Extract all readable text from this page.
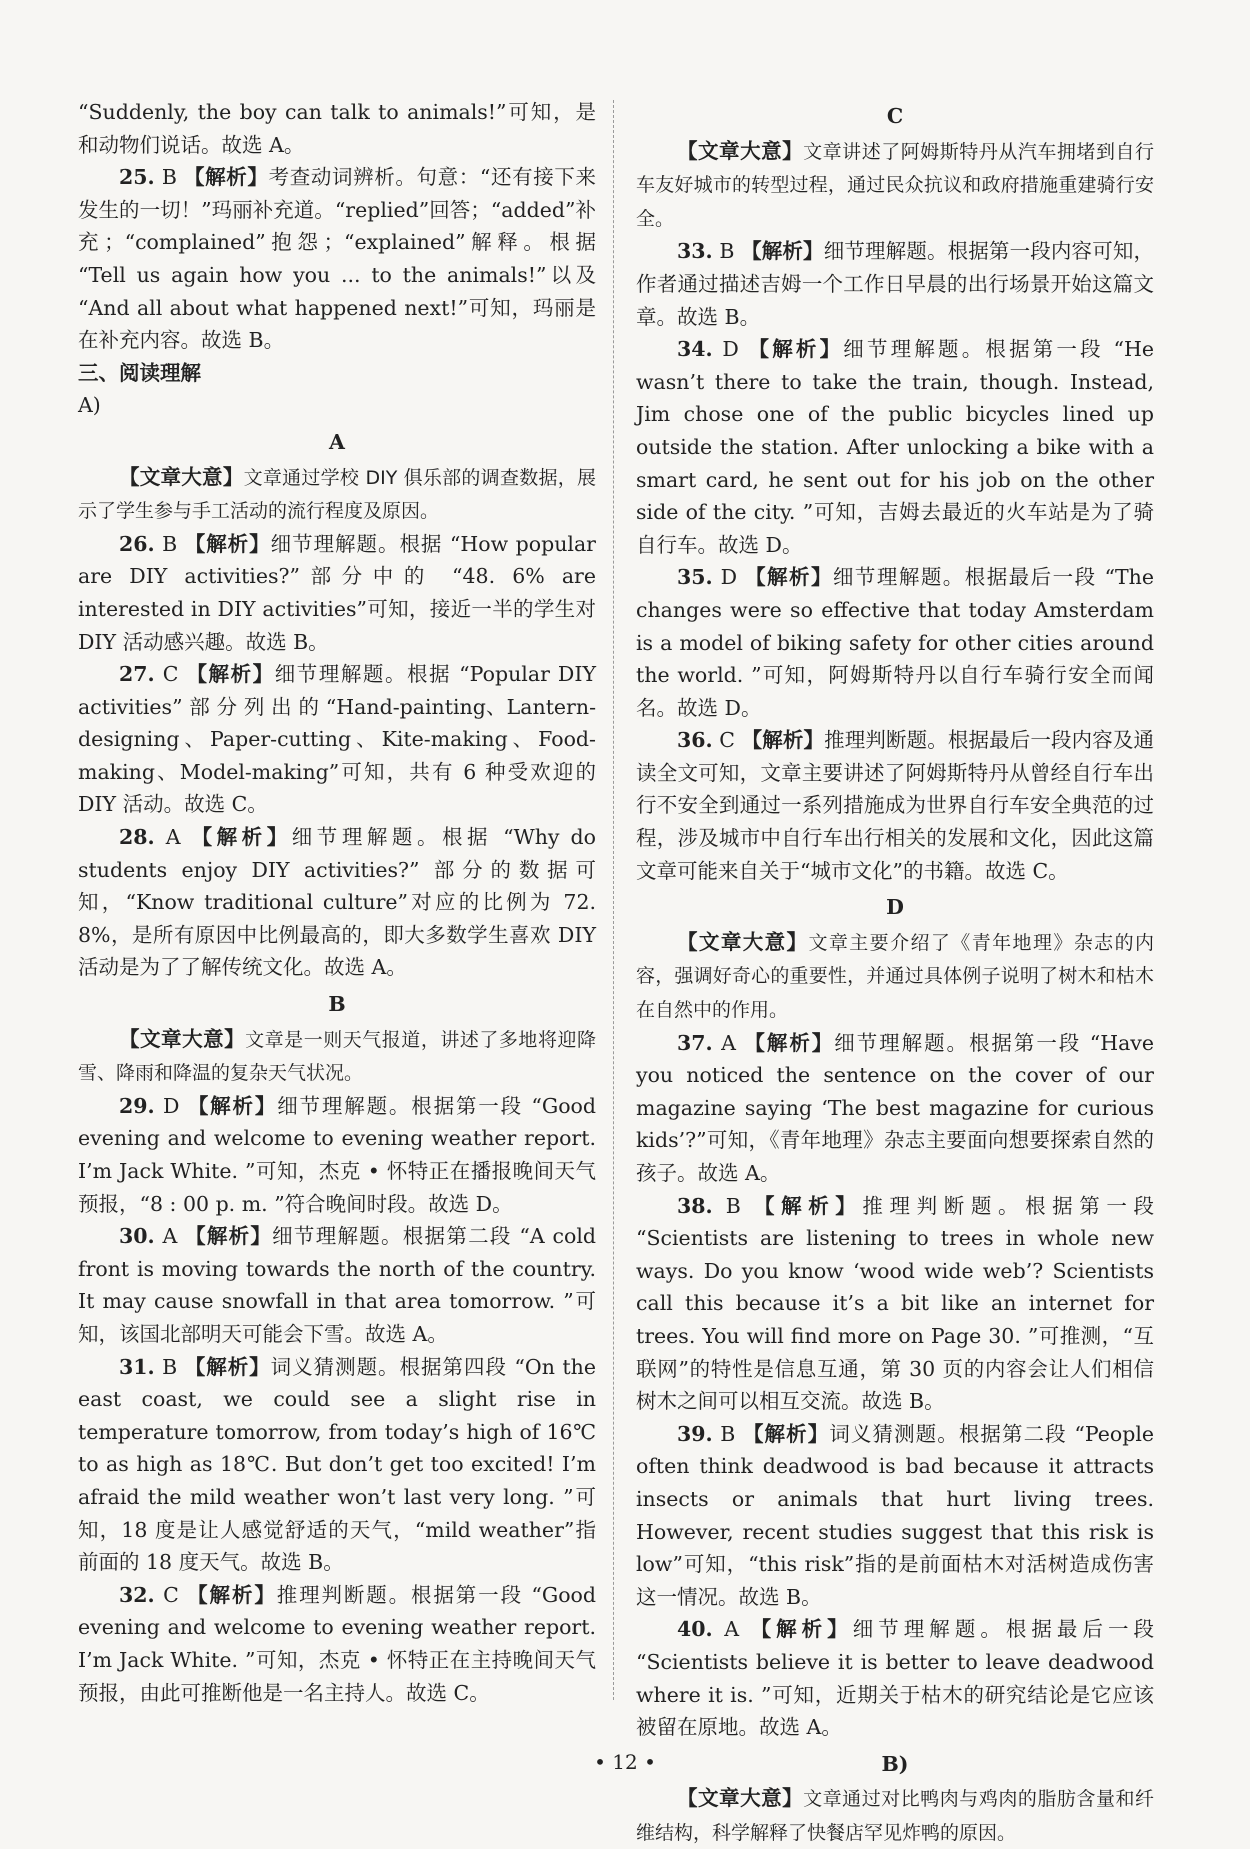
“Suddenly, the boy can talk to animals!”可知，是和动物们说话。故选 A。

25. B 【解析】考查动词辨析。句意：“还有接下来发生的一切！”玛丽补充道。“replied”回答；“added”补充；“complained”抱怨；“explained”解释。根据 “Tell us again how you ... to the animals!”以及 “And all about what happened next!”可知，玛丽是在补充内容。故选 B。

三、阅读理解
A)
A

【文章大意】文章通过学校 DIY 俱乐部的调查数据，展示了学生参与手工活动的流行程度及原因。

26. B 【解析】细节理解题。根据 “How popular are DIY activities?”部分中的 “48. 6% are interested in DIY activities”可知，接近一半的学生对 DIY 活动感兴趣。故选 B。

27. C 【解析】细节理解题。根据 “Popular DIY activities” 部 分 列 出 的 “Hand-painting、Lantern-designing、Paper-cutting、Kite-making、Food-making、Model-making”可知，共有 6 种受欢迎的 DIY 活动。故选 C。

28. A 【解析】细节理解题。根据 “Why do students enjoy DIY activities?” 部分的数据可知，“Know traditional culture”对应的比例为 72. 8%，是所有原因中比例最高的，即大多数学生喜欢 DIY 活动是为了了解传统文化。故选 A。

B

【文章大意】文章是一则天气报道，讲述了多地将迎降雪、降雨和降温的复杂天气状况。

29. D 【解析】细节理解题。根据第一段 “Good evening and welcome to evening weather report. I’m Jack White. ”可知，杰克 • 怀特正在播报晚间天气预报，“8 : 00 p. m. ”符合晚间时段。故选 D。

30. A 【解析】细节理解题。根据第二段 “A cold front is moving towards the north of the country. It may cause snowfall in that area tomorrow. ”可知，该国北部明天可能会下雪。故选 A。

31. B 【解析】词义猜测题。根据第四段 “On the east coast, we could see a slight rise in temperature tomorrow, from today’s high of 16℃ to as high as 18℃. But don’t get too excited! I’m afraid the mild weather won’t last very long. ”可知，18 度是让人感觉舒适的天气，“mild weather”指前面的 18 度天气。故选 B。

32. C 【解析】推理判断题。根据第一段 “Good evening and welcome to evening weather report. I’m Jack White. ”可知，杰克 • 怀特正在主持晚间天气预报，由此可推断他是一名主持人。故选 C。

C

【文章大意】文章讲述了阿姆斯特丹从汽车拥堵到自行车友好城市的转型过程，通过民众抗议和政府措施重建骑行安全。

33. B 【解析】细节理解题。根据第一段内容可知，作者通过描述吉姆一个工作日早晨的出行场景开始这篇文章。故选 B。

34. D 【解析】细节理解题。根据第一段 “He wasn’t there to take the train, though. Instead, Jim chose one of the public bicycles lined up outside the station. After unlocking a bike with a smart card, he sent out for his job on the other side of the city. ”可知，吉姆去最近的火车站是为了骑自行车。故选 D。

35. D 【解析】细节理解题。根据最后一段 “The changes were so effective that today Amsterdam is a model of biking safety for other cities around the world. ”可知，阿姆斯特丹以自行车骑行安全而闻名。故选 D。

36. C 【解析】推理判断题。根据最后一段内容及通读全文可知，文章主要讲述了阿姆斯特丹从曾经自行车出行不安全到通过一系列措施成为世界自行车安全典范的过程，涉及城市中自行车出行相关的发展和文化，因此这篇文章可能来自关于“城市文化”的书籍。故选 C。

D

【文章大意】文章主要介绍了《青年地理》杂志的内容，强调好奇心的重要性，并通过具体例子说明了树木和枯木在自然中的作用。

37. A 【解析】细节理解题。根据第一段 “Have you noticed the sentence on the cover of our magazine saying ‘The best magazine for curious kids’?”可知，《青年地理》杂志主要面向想要探索自然的孩子。故选 A。

38. B 【解析】推理判断题。根据第一段 “Scientists are listening to trees in whole new ways. Do you know ‘wood wide web’? Scientists call this because it’s a bit like an internet for trees. You will find more on Page 30. ”可推测，“互联网”的特性是信息互通，第 30 页的内容会让人们相信树木之间可以相互交流。故选 B。

39. B 【解析】词义猜测题。根据第二段 “People often think deadwood is bad because it attracts insects or animals that hurt living trees. However, recent studies suggest that this risk is low”可知，“this risk”指的是前面枯木对活树造成伤害这一情况。故选 B。

40. A 【解析】细节理解题。根据最后一段 “Scientists believe it is better to leave deadwood where it is. ”可知，近期关于枯木的研究结论是它应该被留在原地。故选 A。

B)

【文章大意】文章通过对比鸭肉与鸡肉的脂肪含量和纤维结构，科学解释了快餐店罕见炸鸭的原因。

• 12 •
